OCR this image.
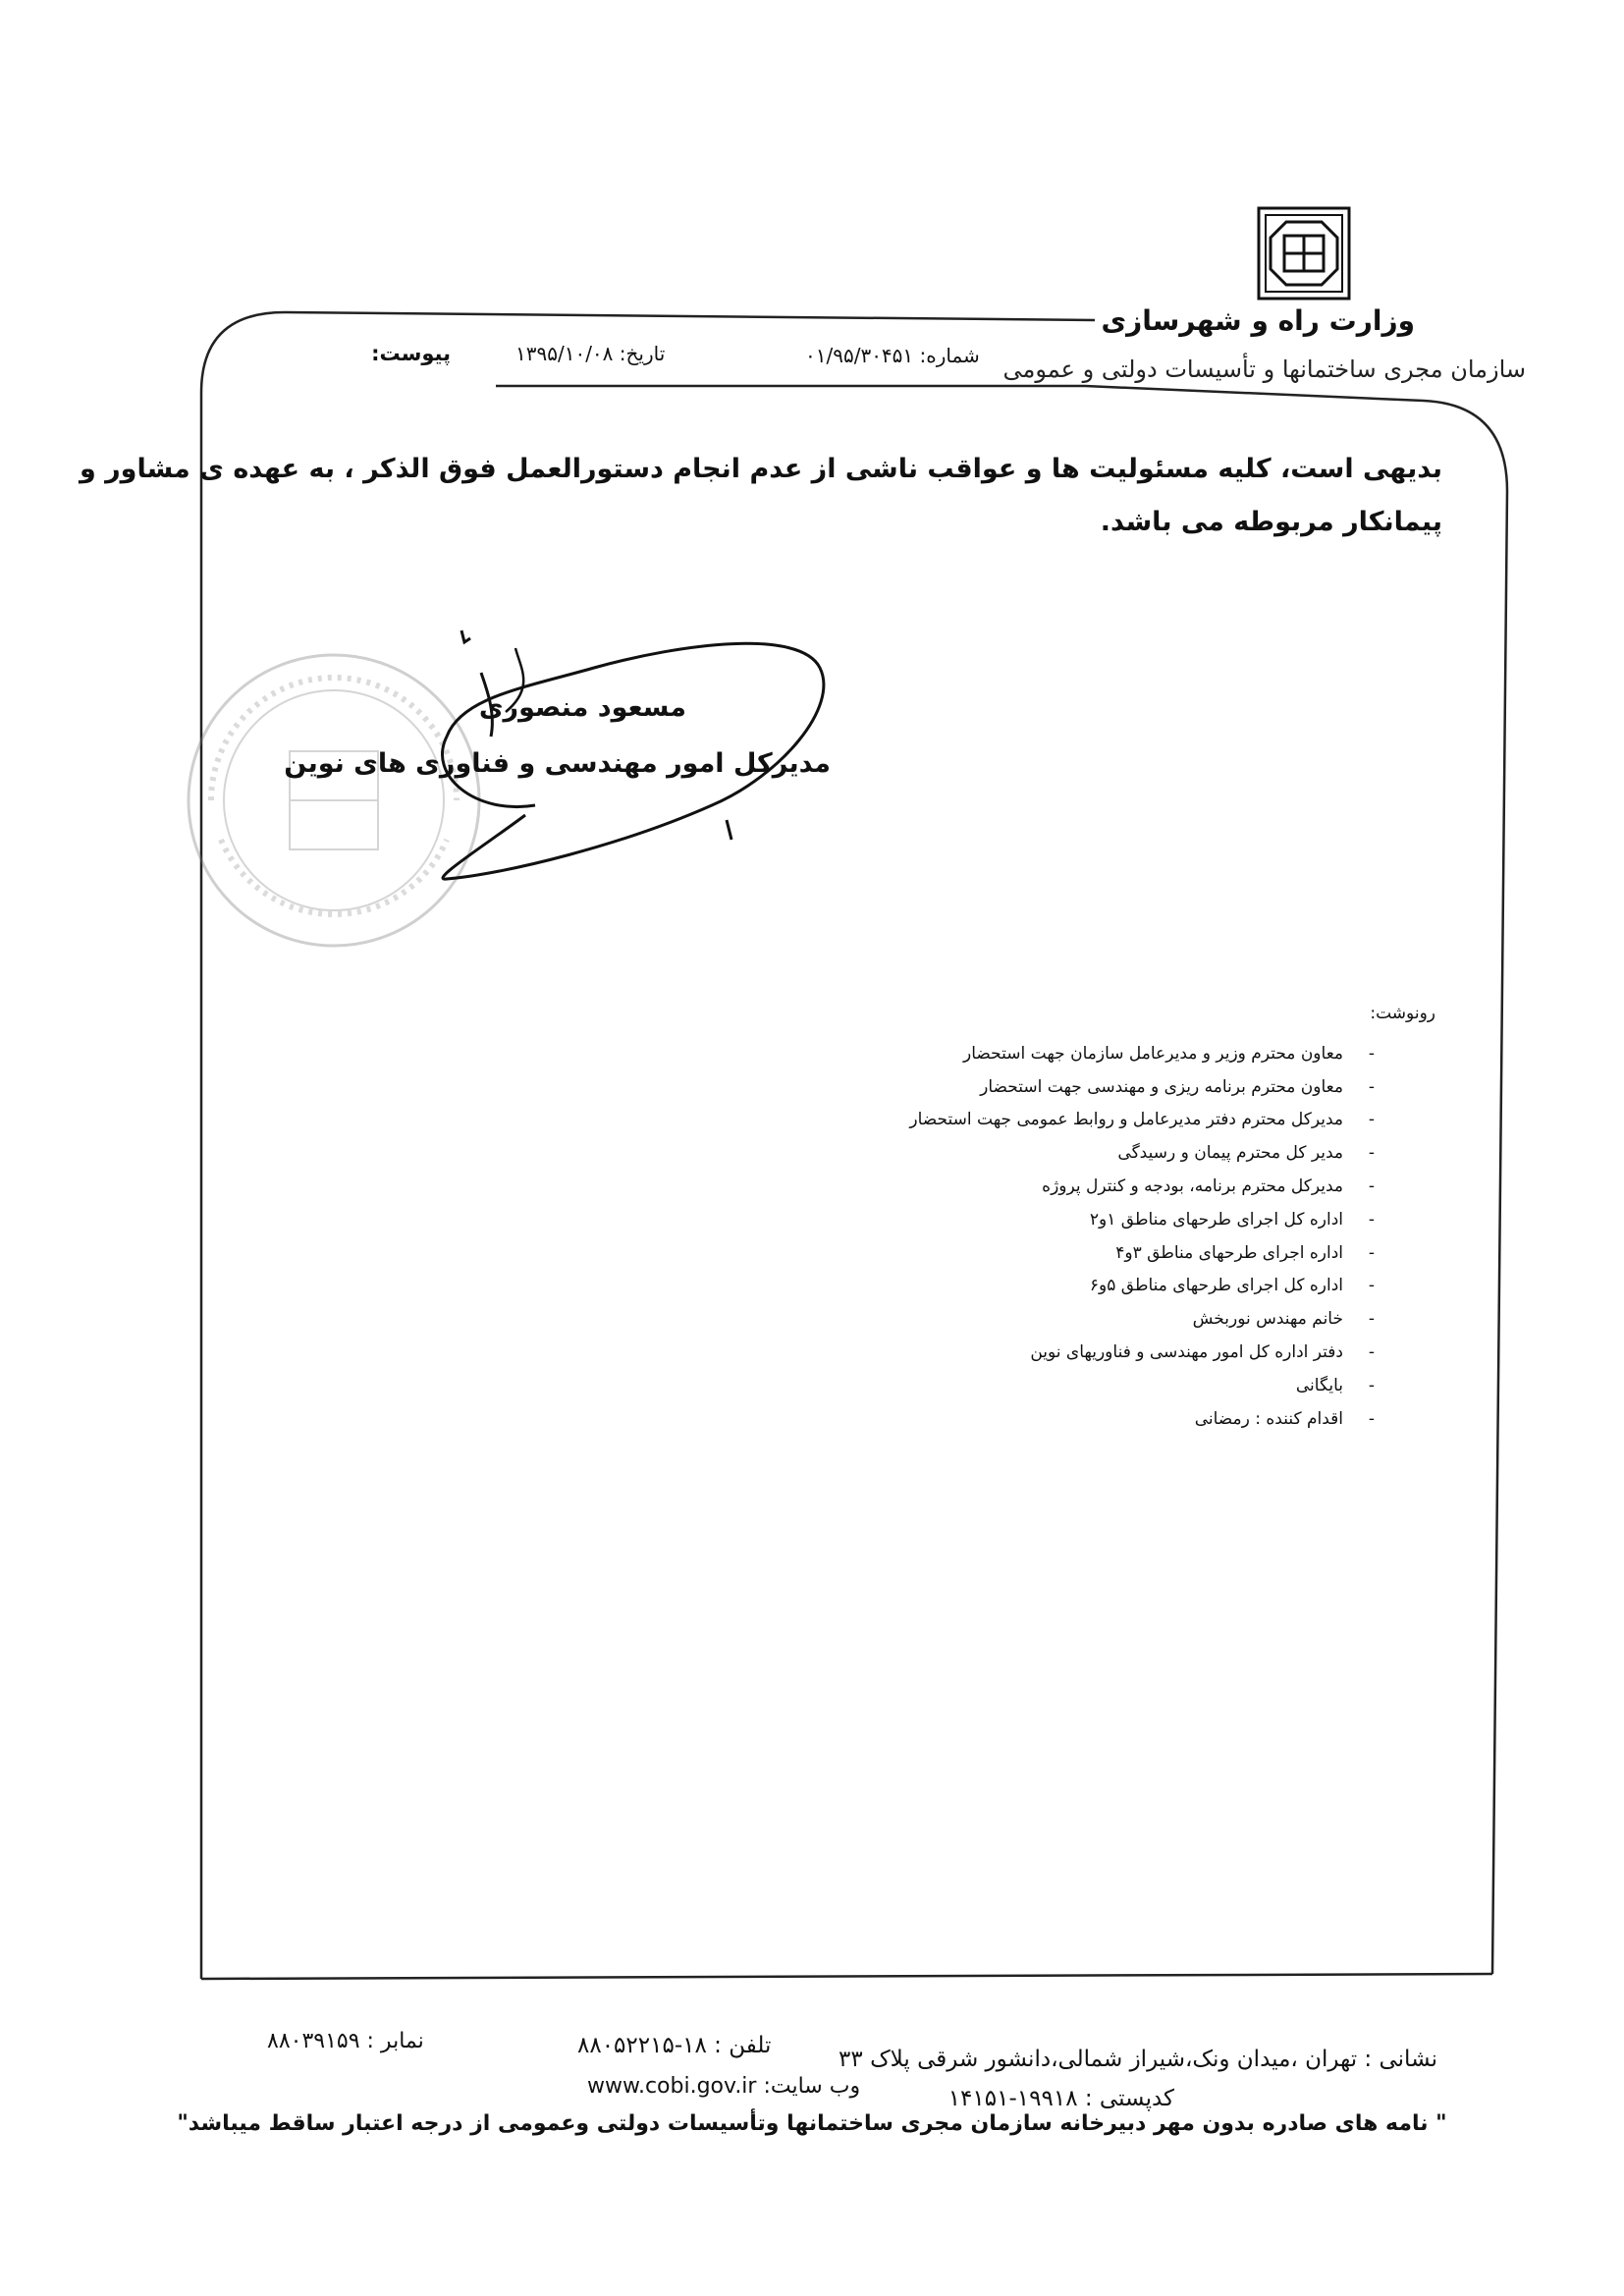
وزارت راه و شهرسازی
سازمان مجری ساختمانها و تأسیسات دولتی و عمومی
شماره: ۰۱/۹۵/۳۰۴۵۱
تاریخ: ۱۳۹۵/۱۰/۰۸
پیوست:
بدیهی است، کلیه مسئولیت ها و عواقب ناشی از عدم انجام دستورالعمل فوق الذکر ، به عهده ی مشاور و
پیمانکار مربوطه می باشد.
مسعود منصوری
مدیرکل امور مهندسی و فناوری های نوین
رونوشت:
-
معاون محترم وزیر و مدیرعامل سازمان جهت استحضار
-
معاون محترم برنامه ریزی و مهندسی جهت استحضار
-
مدیرکل محترم دفتر مدیرعامل و روابط عمومی جهت استحضار
-
مدیر کل محترم پیمان و رسیدگی
-
مدیرکل محترم برنامه، بودجه و کنترل پروژه
-
اداره کل اجرای طرحهای مناطق ۱و۲
-
اداره اجرای طرحهای مناطق ۳و۴
-
اداره کل اجرای طرحهای مناطق ۵و۶
-
خانم مهندس نوربخش
-
دفتر اداره کل امور مهندسی و فناوریهای نوین
-
بایگانی
-
اقدام کننده : رمضانی
نشانی : تهران ،میدان ونک،شیراز شمالی،دانشور شرقی پلاک ۳۳
تلفن : ۱۸-۸۸۰۵۲۲۱۵
نمابر : ۸۸۰۳۹۱۵۹
کدپستی : ۱۹۹۱۸-۱۴۱۵۱
وب سایت: www.cobi.gov.ir
" نامه های صادره بدون مهر دبیرخانه سازمان مجری ساختمانها وتأسیسات دولتی وعمومی از درجه اعتبار ساقط میباشد"
